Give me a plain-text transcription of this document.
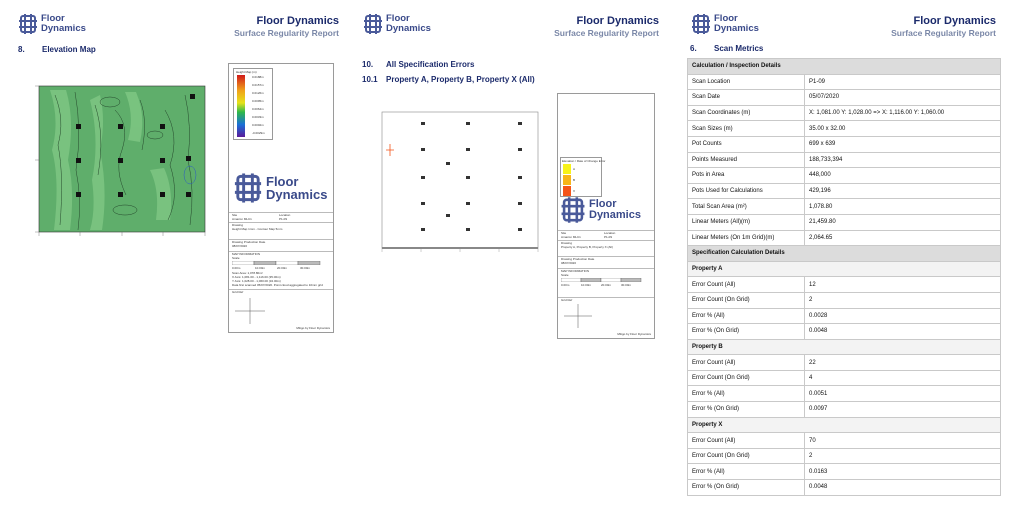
Floor
Dynamics
Floor Dynamics
Surface Regularity Report
8. Elevation Map
Height Map (m)
0.0188m
0.0157m
0.0126m
0.0095m
0.0064m
0.0033m
0.0002m
-0.0029m
Floor
Dynamics
Site
Amazon MLC1
Location
P1-09
Drawing
Height Map 1mm - Contour Map 5mm
Drawing Production Date
08/07/2020
MAP INFORMATION
Scale
0.00m	10.00m	20.00m	30.00m
Scan Area: 1,078.80m²
X Axis: 1,081.00 - 1,116.00 (35.00m)
Y Axis: 1,028.00 - 1,060.00 (32.00m)
Data first scanned 05/07/2020. Point cloud aggregated to 10mm grid
Grid Ref
Mitigo by Floor Dynamics
Floor
Dynamics
Floor Dynamics
Surface Regularity Report
10. All Specification Errors
10.1 Property A, Property B, Property X (All)
Elevation / Rate of Change Error
A
B
X
Floor
Dynamics
Site
Amazon MLC1
Location
P1-09
Drawing
Property A, Property B, Property X (All)
Drawing Production Date
08/07/2020
MAP INFORMATION
Scale
0.00m	10.00m	20.00m	30.00m
Grid Ref
Mitigo by Floor Dynamics
Floor
Dynamics
Floor Dynamics
Surface Regularity Report
6. Scan Metrics
Calculation / Inspection Details	
Scan Location	P1-09
Scan Date	05/07/2020
Scan Coordinates (m)	X: 1,081.00 Y: 1,028.00 => X: 1,116.00 Y: 1,060.00
Scan Sizes (m)	35.00 x 32.00
Pot Counts	699 x 639
Points Measured	188,733,394
Pots in Area	448,000
Pots Used for Calculations	429,196
Total Scan Area (m²)	1,078.80
Linear Meters (All)(m)	21,459.80
Linear Meters (On 1m Grid)(m)	2,064.65
Specification Calculation Details	
Property A	
Error Count (All)	12
Error Count (On Grid)	2
Error % (All)	0.0028
Error % (On Grid)	0.0048
Property B	
Error Count (All)	22
Error Count (On Grid)	4
Error % (All)	0.0051
Error % (On Grid)	0.0097
Property X	
Error Count (All)	70
Error Count (On Grid)	2
Error % (All)	0.0163
Error % (On Grid)	0.0048
